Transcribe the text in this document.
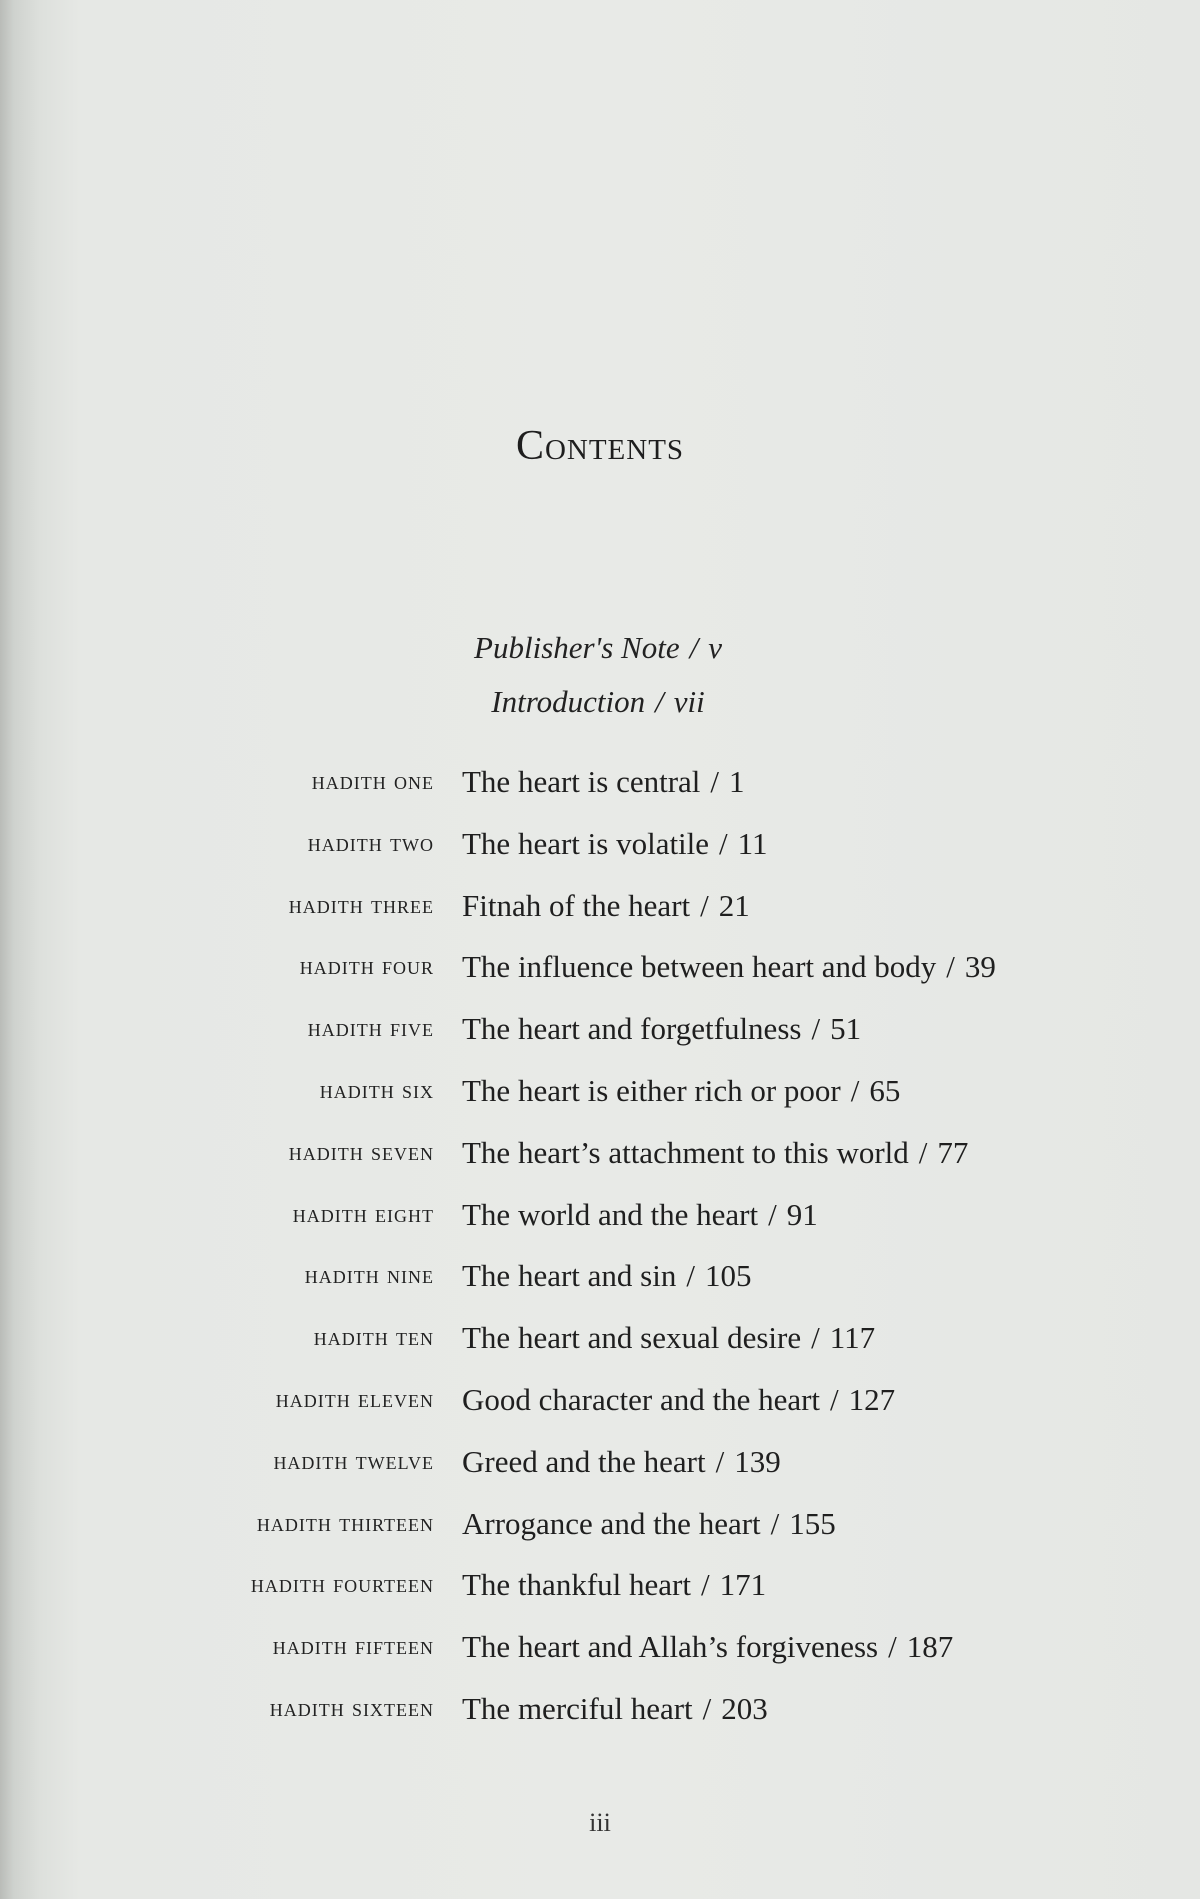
Contents
Publisher's Note / v
Introduction / vii
hadith one The heart is central / 1
hadith two The heart is volatile / 11
hadith three Fitnah of the heart / 21
hadith four The influence between heart and body / 39
hadith five The heart and forgetfulness / 51
hadith six The heart is either rich or poor / 65
hadith seven The heart’s attachment to this world / 77
hadith eight The world and the heart / 91
hadith nine The heart and sin / 105
hadith ten The heart and sexual desire / 117
hadith eleven Good character and the heart / 127
hadith twelve Greed and the heart / 139
hadith thirteen Arrogance and the heart / 155
hadith fourteen The thankful heart / 171
hadith fifteen The heart and Allah’s forgiveness / 187
hadith sixteen The merciful heart / 203
iii
